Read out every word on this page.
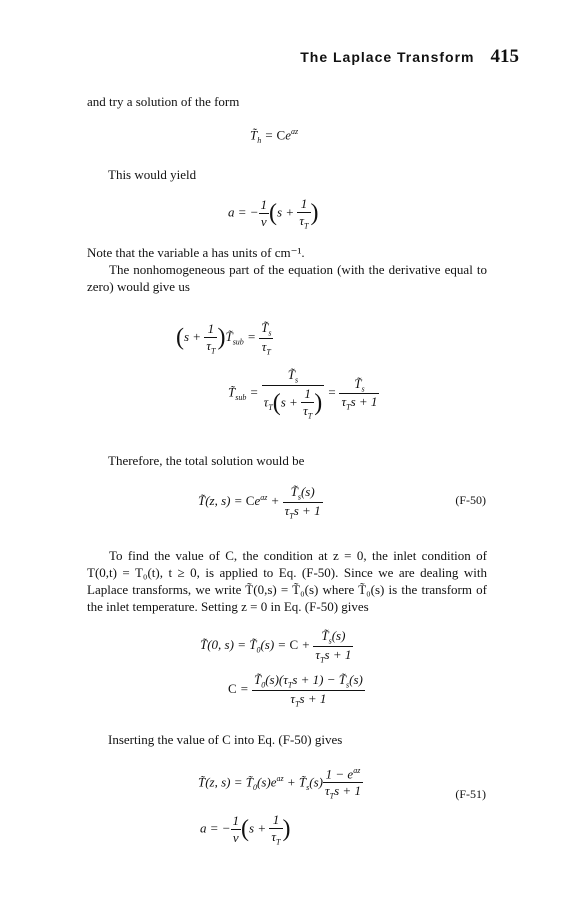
The Laplace Transform 415
and try a solution of the form
$T̃_h = Ce^{az}$
This would yield
a = − $\frac{1}{v} (s + \frac{1}{\tau_T}$ )
Note that the variable a has units of cm⁻¹.
The nonhomogeneous part of the equation (with the derivative equal to zero) would give us
($s + \frac{1}{\tau_T}$ )$T̃_{sub} = \frac{T̃_s}{\tau_T}$
$T̃_{sub} = \frac{T̃_s}{\tau_T(s + \frac{1}{\tau_T} )} = \frac{T̃_s}{\tau_Ts + 1}$
Therefore, the total solution would be
T̃(z, $s) = Ce^{az} + \frac{T̃_s(s)}{\tau_Ts + 1}$	(F-50)
To find the value of C, the condition at z = 0, the inlet condition of T(0,t) = T₀(t), t ≥ 0, is applied to Eq. (F-50). Since we are dealing with Laplace transforms, we write T̃(0,s) = T̃₀(s) where T̃₀(s) is the transform of the inlet temperature. Setting z = 0 in Eq. (F-50) gives
T̃(0, $s) = T̃_0(s) = C + \frac{T̃_s(s)}{\tau_Ts + 1}$
$C = \frac{T̃_0(s)(\tau_Ts + 1) - T̃_s(s)}{\tau_Ts + 1}$
Inserting the value of C into Eq. (F-50) gives
T̃(z, $s) = T̃_0(s)e^{az}$ + $T̃_s(s) \frac{1 - e^{az}}{\tau_Ts + 1}$	(F-51)
a = − $\frac{1}{v} (s + \frac{1}{\tau_T}$ )
